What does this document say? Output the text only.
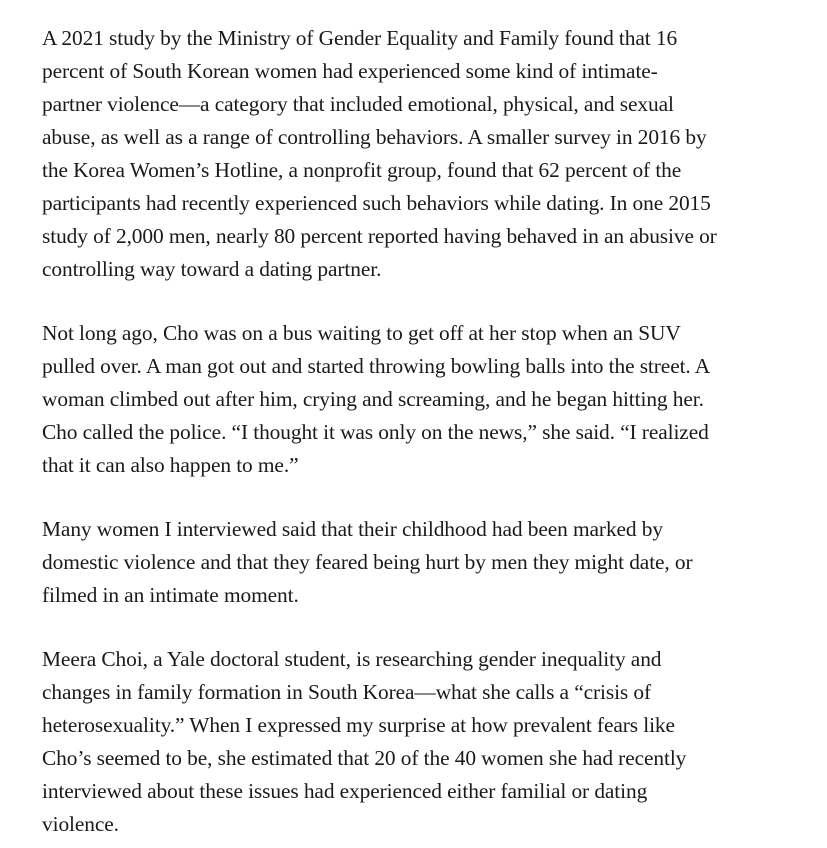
A 2021 study by the Ministry of Gender Equality and Family found that 16 percent of South Korean women had experienced some kind of intimate-partner violence—a category that included emotional, physical, and sexual abuse, as well as a range of controlling behaviors. A smaller survey in 2016 by the Korea Women’s Hotline, a nonprofit group, found that 62 percent of the participants had recently experienced such behaviors while dating. In one 2015 study of 2,000 men, nearly 80 percent reported having behaved in an abusive or controlling way toward a dating partner.

Not long ago, Cho was on a bus waiting to get off at her stop when an SUV pulled over. A man got out and started throwing bowling balls into the street. A woman climbed out after him, crying and screaming, and he began hitting her. Cho called the police. “I thought it was only on the news,” she said. “I realized that it can also happen to me.”

Many women I interviewed said that their childhood had been marked by domestic violence and that they feared being hurt by men they might date, or filmed in an intimate moment.

Meera Choi, a Yale doctoral student, is researching gender inequality and changes in family formation in South Korea—what she calls a “crisis of heterosexuality.” When I expressed my surprise at how prevalent fears like Cho’s seemed to be, she estimated that 20 of the 40 women she had recently interviewed about these issues had experienced either familial or dating violence.
